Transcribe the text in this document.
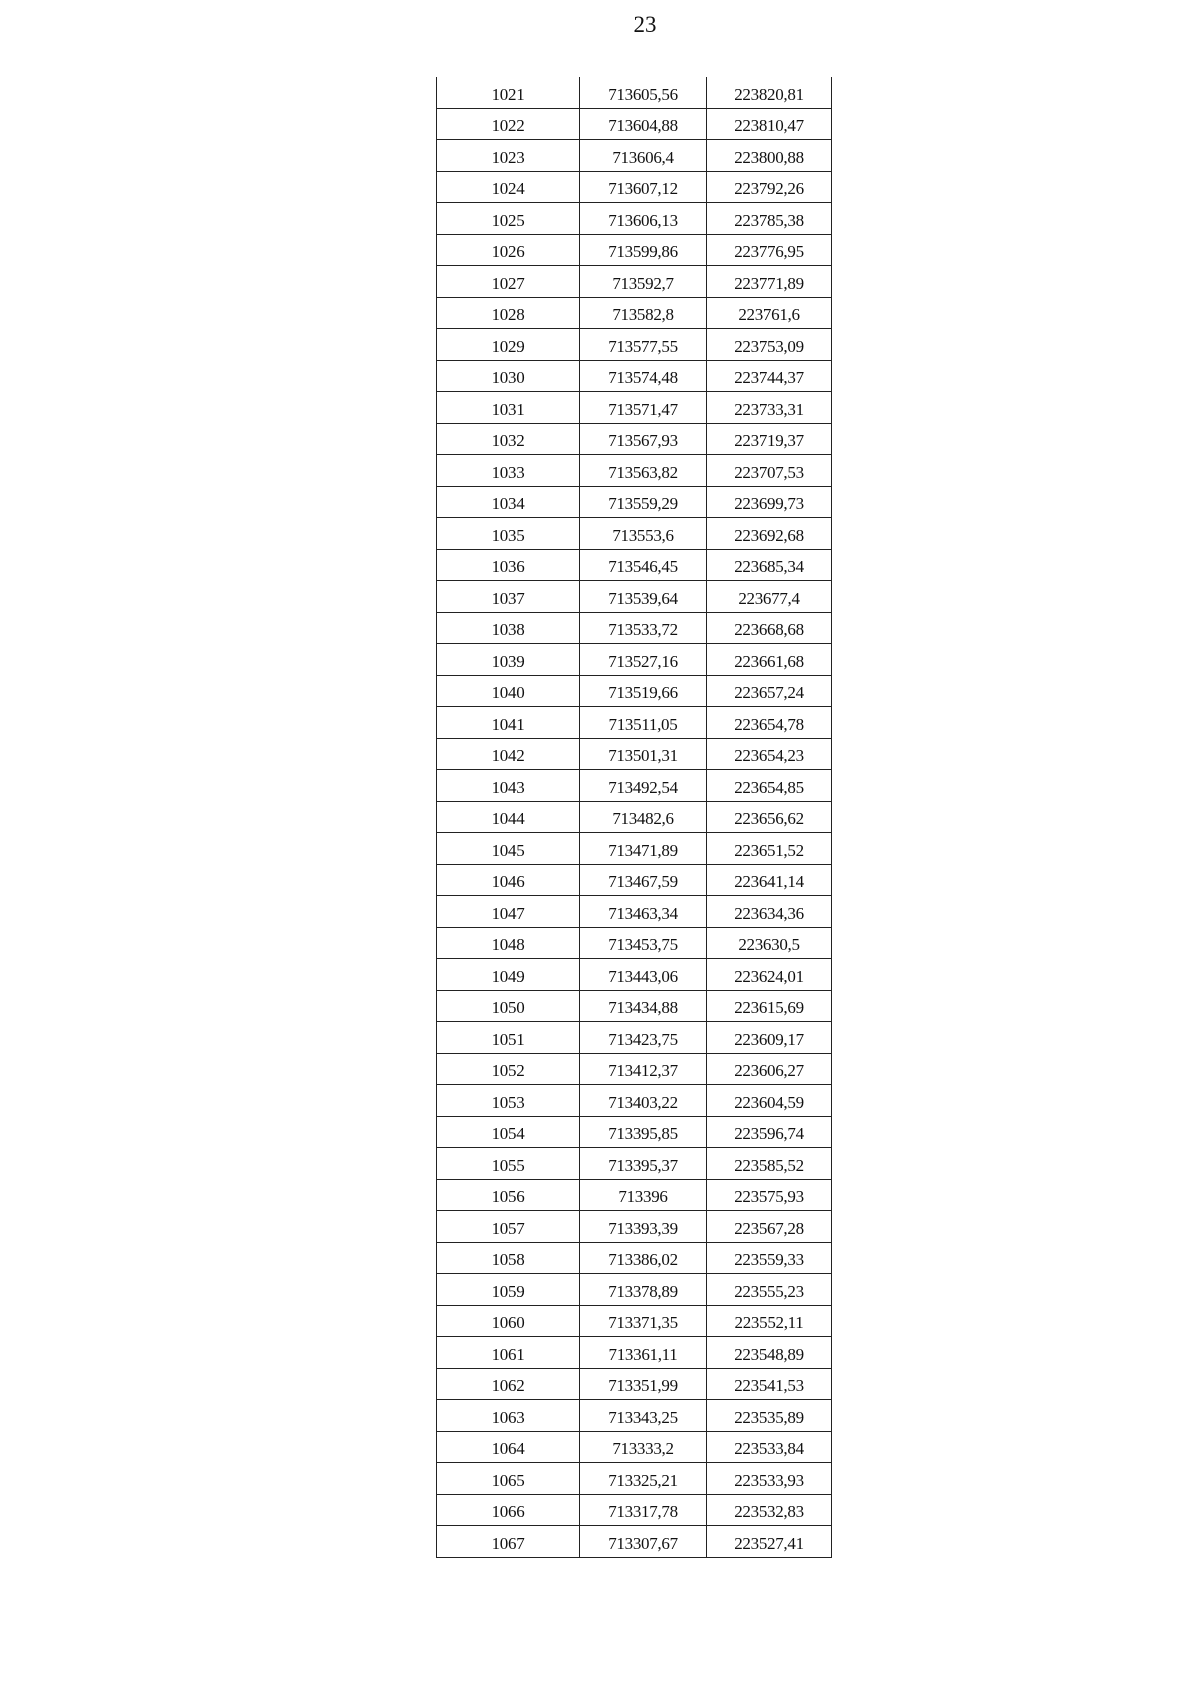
23
1021	713605,56	223820,81
1022	713604,88	223810,47
1023	713606,4	223800,88
1024	713607,12	223792,26
1025	713606,13	223785,38
1026	713599,86	223776,95
1027	713592,7	223771,89
1028	713582,8	223761,6
1029	713577,55	223753,09
1030	713574,48	223744,37
1031	713571,47	223733,31
1032	713567,93	223719,37
1033	713563,82	223707,53
1034	713559,29	223699,73
1035	713553,6	223692,68
1036	713546,45	223685,34
1037	713539,64	223677,4
1038	713533,72	223668,68
1039	713527,16	223661,68
1040	713519,66	223657,24
1041	713511,05	223654,78
1042	713501,31	223654,23
1043	713492,54	223654,85
1044	713482,6	223656,62
1045	713471,89	223651,52
1046	713467,59	223641,14
1047	713463,34	223634,36
1048	713453,75	223630,5
1049	713443,06	223624,01
1050	713434,88	223615,69
1051	713423,75	223609,17
1052	713412,37	223606,27
1053	713403,22	223604,59
1054	713395,85	223596,74
1055	713395,37	223585,52
1056	713396	223575,93
1057	713393,39	223567,28
1058	713386,02	223559,33
1059	713378,89	223555,23
1060	713371,35	223552,11
1061	713361,11	223548,89
1062	713351,99	223541,53
1063	713343,25	223535,89
1064	713333,2	223533,84
1065	713325,21	223533,93
1066	713317,78	223532,83
1067	713307,67	223527,41
